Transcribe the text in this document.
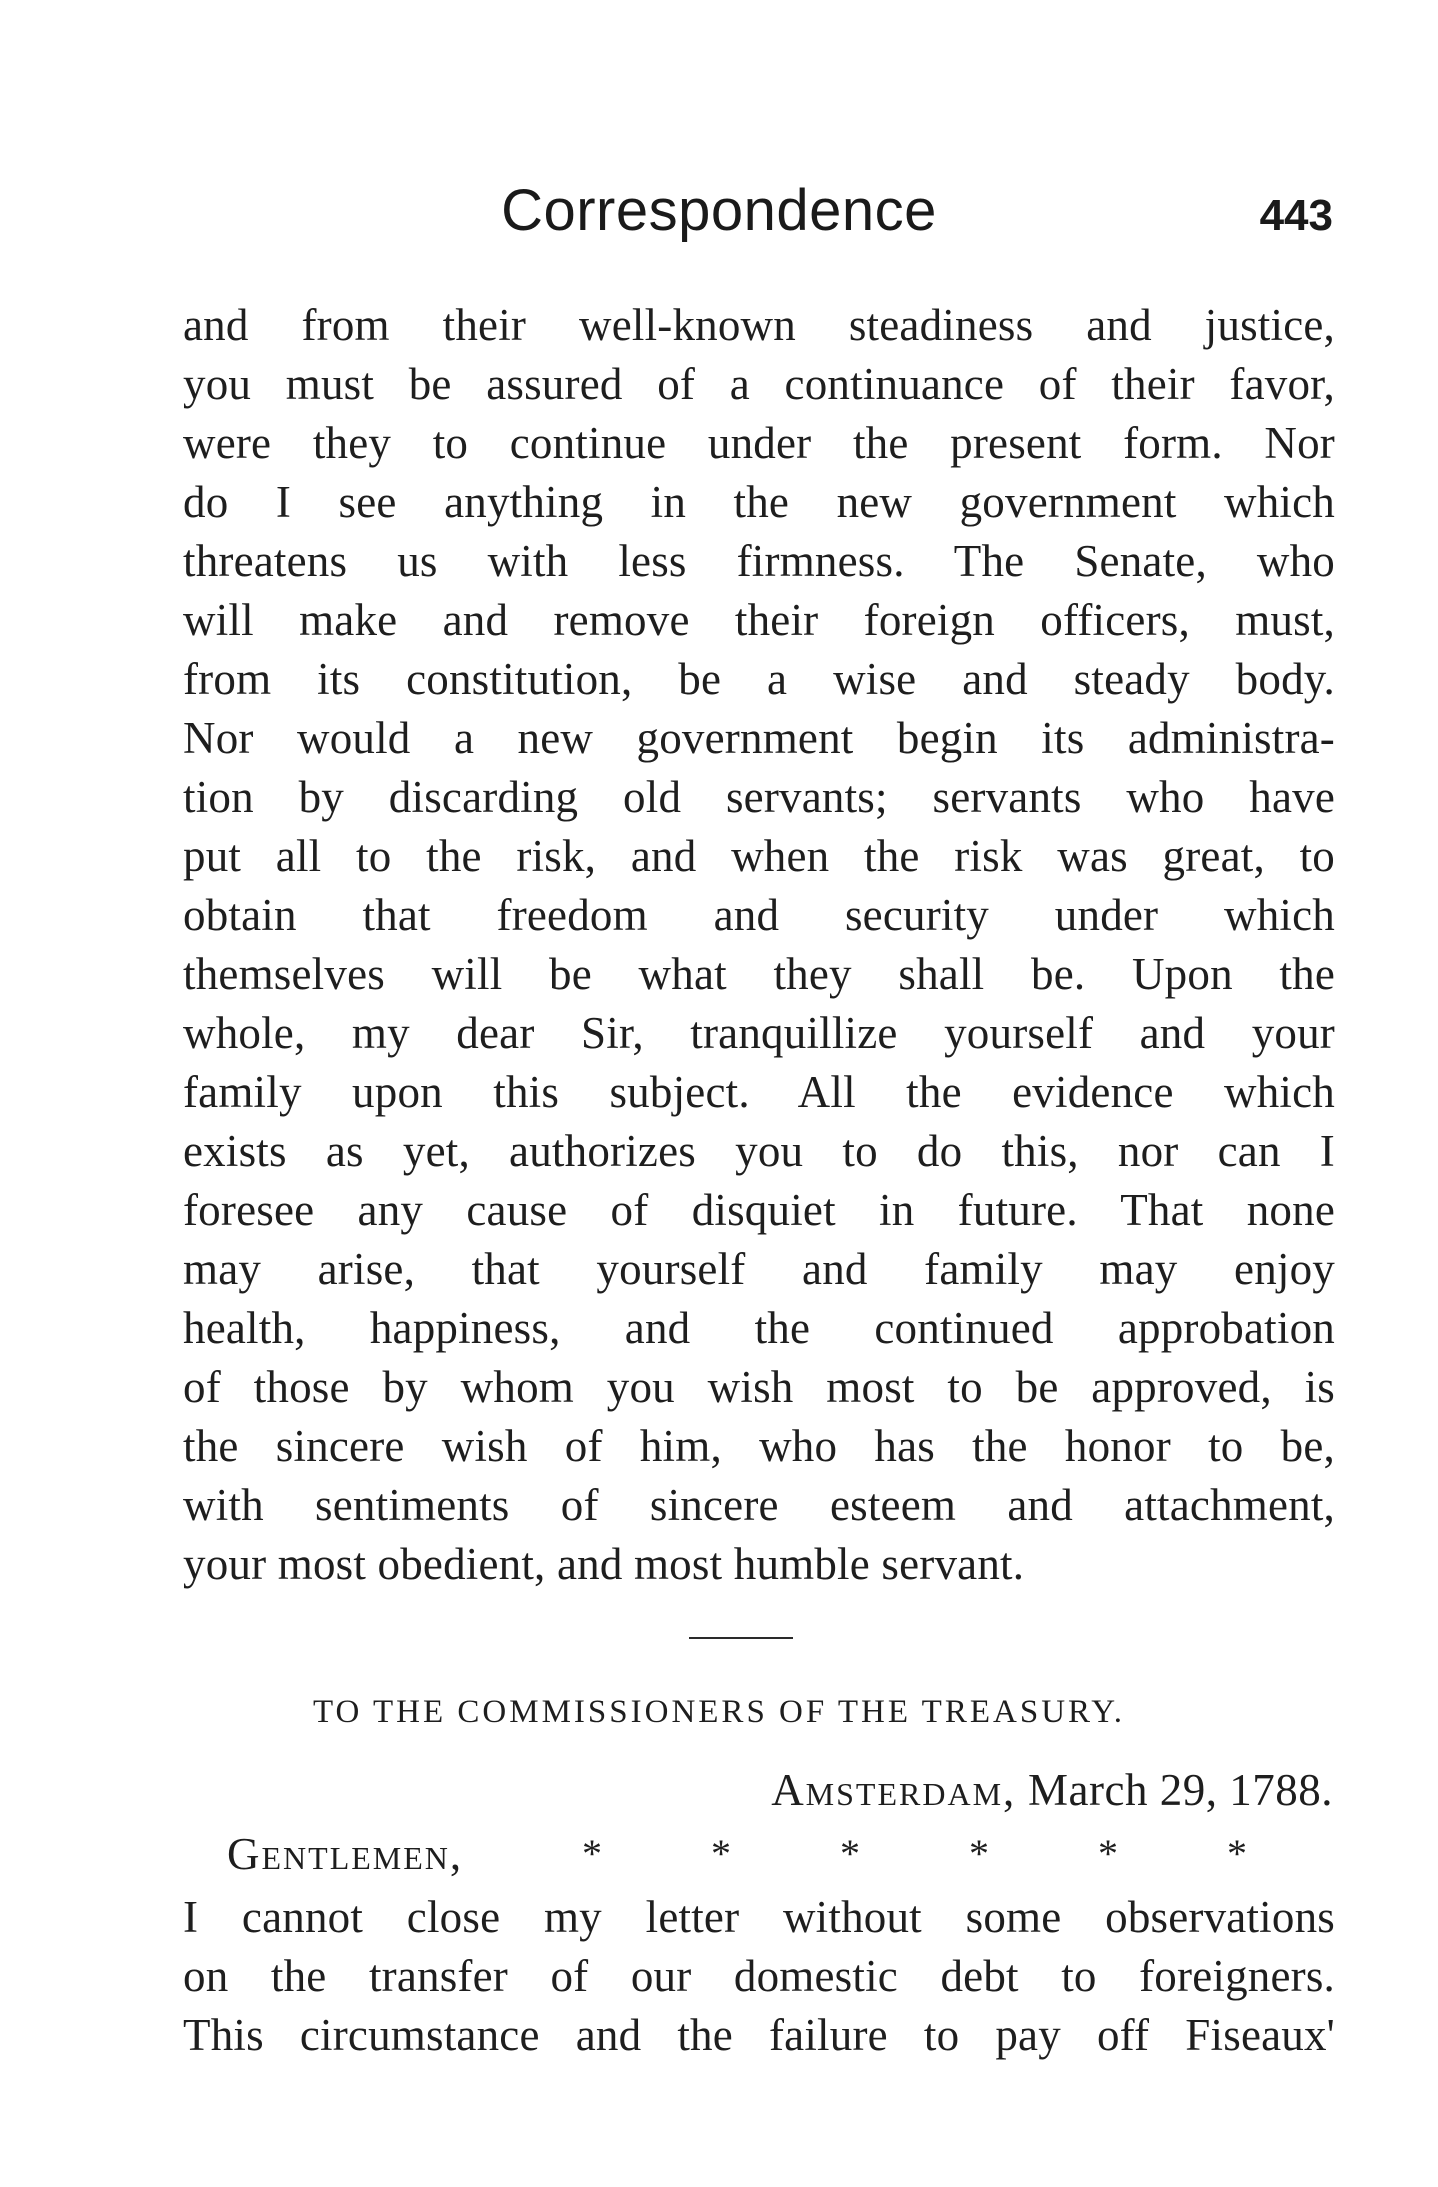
Correspondence	443
and from their well-known steadiness and justice,
you must be assured of a continuance of their favor,
were they to continue under the present form. Nor
do I see anything in the new government which
threatens us with less firmness. The Senate, who
will make and remove their foreign officers, must,
from its constitution, be a wise and steady body.
Nor would a new government begin its administra-
tion by discarding old servants; servants who have
put all to the risk, and when the risk was great, to
obtain that freedom and security under which
themselves will be what they shall be. Upon the
whole, my dear Sir, tranquillize yourself and your
family upon this subject. All the evidence which
exists as yet, authorizes you to do this, nor can I
foresee any cause of disquiet in future. That none
may arise, that yourself and family may enjoy
health, happiness, and the continued approbation
of those by whom you wish most to be approved, is
the sincere wish of him, who has the honor to be,
with sentiments of sincere esteem and attachment,
your most obedient, and most humble servant.
TO THE COMMISSIONERS OF THE TREASURY.
Amsterdam, March 29, 1788.
Gentlemen,	*	*	*	*	*	*
I cannot close my letter without some observations
on the transfer of our domestic debt to foreigners.
This circumstance and the failure to pay off Fiseaux'
